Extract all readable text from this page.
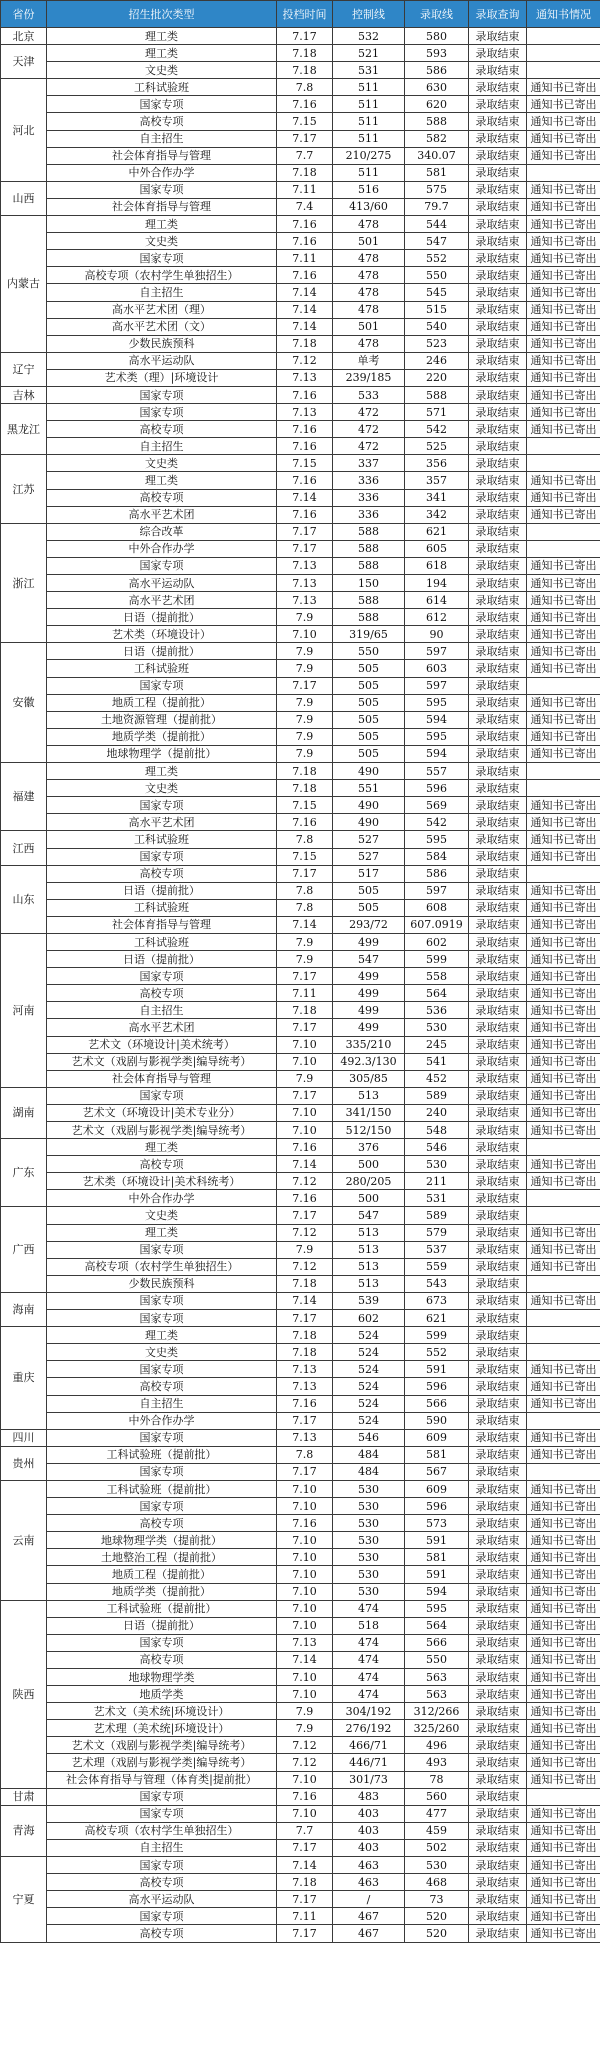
省份	招生批次类型	投档时间	控制线	录取线	录取查询	通知书情况
北京	理工类	7.17	532	580	录取结束	
天津	理工类	7.18	521	593	录取结束	
	文史类	7.18	531	586	录取结束	
河北	工科试验班	7.8	511	630	录取结束	通知书已寄出
	国家专项	7.16	511	620	录取结束	通知书已寄出
	高校专项	7.15	511	588	录取结束	通知书已寄出
	自主招生	7.17	511	582	录取结束	通知书已寄出
	社会体育指导与管理	7.7	210/275	340.07	录取结束	通知书已寄出
	中外合作办学	7.18	511	581	录取结束	
山西	国家专项	7.11	516	575	录取结束	通知书已寄出
	社会体育指导与管理	7.4	413/60	79.7	录取结束	通知书已寄出
内蒙古	理工类	7.16	478	544	录取结束	通知书已寄出
	文史类	7.16	501	547	录取结束	通知书已寄出
	国家专项	7.11	478	552	录取结束	通知书已寄出
	高校专项（农村学生单独招生）	7.16	478	550	录取结束	通知书已寄出
	自主招生	7.14	478	545	录取结束	通知书已寄出
	高水平艺术团（理）	7.14	478	515	录取结束	通知书已寄出
	高水平艺术团（文）	7.14	501	540	录取结束	通知书已寄出
	少数民族预科	7.18	478	523	录取结束	通知书已寄出
辽宁	高水平运动队	7.12	单考	246	录取结束	通知书已寄出
	艺术类（理）|环境设计	7.13	239/185	220	录取结束	通知书已寄出
吉林	国家专项	7.16	533	588	录取结束	通知书已寄出
黑龙江	国家专项	7.13	472	571	录取结束	通知书已寄出
	高校专项	7.16	472	542	录取结束	通知书已寄出
	自主招生	7.16	472	525	录取结束	
江苏	文史类	7.15	337	356	录取结束	
	理工类	7.16	336	357	录取结束	通知书已寄出
	高校专项	7.14	336	341	录取结束	通知书已寄出
	高水平艺术团	7.16	336	342	录取结束	通知书已寄出
浙江	综合改革	7.17	588	621	录取结束	
	中外合作办学	7.17	588	605	录取结束	
	国家专项	7.13	588	618	录取结束	通知书已寄出
	高水平运动队	7.13	150	194	录取结束	通知书已寄出
	高水平艺术团	7.13	588	614	录取结束	通知书已寄出
	日语（提前批）	7.9	588	612	录取结束	通知书已寄出
	艺术类（环境设计）	7.10	319/65	90	录取结束	通知书已寄出
安徽	日语（提前批）	7.9	550	597	录取结束	通知书已寄出
	工科试验班	7.9	505	603	录取结束	通知书已寄出
	国家专项	7.17	505	597	录取结束	
	地质工程（提前批）	7.9	505	595	录取结束	通知书已寄出
	土地资源管理（提前批）	7.9	505	594	录取结束	通知书已寄出
	地质学类（提前批）	7.9	505	595	录取结束	通知书已寄出
	地球物理学（提前批）	7.9	505	594	录取结束	通知书已寄出
福建	理工类	7.18	490	557	录取结束	
	文史类	7.18	551	596	录取结束	
	国家专项	7.15	490	569	录取结束	通知书已寄出
	高水平艺术团	7.16	490	542	录取结束	通知书已寄出
江西	工科试验班	7.8	527	595	录取结束	通知书已寄出
	国家专项	7.15	527	584	录取结束	通知书已寄出
山东	高校专项	7.17	517	586	录取结束	
	日语（提前批）	7.8	505	597	录取结束	通知书已寄出
	工科试验班	7.8	505	608	录取结束	通知书已寄出
	社会体育指导与管理	7.14	293/72	607.0919	录取结束	通知书已寄出
河南	工科试验班	7.9	499	602	录取结束	通知书已寄出
	日语（提前批）	7.9	547	599	录取结束	通知书已寄出
	国家专项	7.17	499	558	录取结束	通知书已寄出
	高校专项	7.11	499	564	录取结束	通知书已寄出
	自主招生	7.18	499	536	录取结束	通知书已寄出
	高水平艺术团	7.17	499	530	录取结束	通知书已寄出
	艺术文（环境设计|美术统考）	7.10	335/210	245	录取结束	通知书已寄出
	艺术文（戏剧与影视学类|编导统考）	7.10	492.3/130	541	录取结束	通知书已寄出
	社会体育指导与管理	7.9	305/85	452	录取结束	通知书已寄出
湖南	国家专项	7.17	513	589	录取结束	通知书已寄出
	艺术文（环境设计|美术专业分）	7.10	341/150	240	录取结束	通知书已寄出
	艺术文（戏剧与影视学类|编导统考）	7.10	512/150	548	录取结束	通知书已寄出
广东	理工类	7.16	376	546	录取结束	
	高校专项	7.14	500	530	录取结束	通知书已寄出
	艺术类（环境设计|美术科统考）	7.12	280/205	211	录取结束	通知书已寄出
	中外合作办学	7.16	500	531	录取结束	
广西	文史类	7.17	547	589	录取结束	
	理工类	7.12	513	579	录取结束	通知书已寄出
	国家专项	7.9	513	537	录取结束	通知书已寄出
	高校专项（农村学生单独招生）	7.12	513	559	录取结束	通知书已寄出
	少数民族预科	7.18	513	543	录取结束	
海南	国家专项	7.14	539	673	录取结束	通知书已寄出
	国家专项	7.17	602	621	录取结束	
重庆	理工类	7.18	524	599	录取结束	
	文史类	7.18	524	552	录取结束	
	国家专项	7.13	524	591	录取结束	通知书已寄出
	高校专项	7.13	524	596	录取结束	通知书已寄出
	自主招生	7.16	524	566	录取结束	通知书已寄出
	中外合作办学	7.17	524	590	录取结束	
四川	国家专项	7.13	546	609	录取结束	通知书已寄出
贵州	工科试验班（提前批）	7.8	484	581	录取结束	通知书已寄出
	国家专项	7.17	484	567	录取结束	
云南	工科试验班（提前批）	7.10	530	609	录取结束	通知书已寄出
	国家专项	7.10	530	596	录取结束	通知书已寄出
	高校专项	7.16	530	573	录取结束	通知书已寄出
	地球物理学类（提前批）	7.10	530	591	录取结束	通知书已寄出
	土地整治工程（提前批）	7.10	530	581	录取结束	通知书已寄出
	地质工程（提前批）	7.10	530	591	录取结束	通知书已寄出
	地质学类（提前批）	7.10	530	594	录取结束	通知书已寄出
陕西	工科试验班（提前批）	7.10	474	595	录取结束	通知书已寄出
	日语（提前批）	7.10	518	564	录取结束	通知书已寄出
	国家专项	7.13	474	566	录取结束	通知书已寄出
	高校专项	7.14	474	550	录取结束	通知书已寄出
	地球物理学类	7.10	474	563	录取结束	通知书已寄出
	地质学类	7.10	474	563	录取结束	通知书已寄出
	艺术文（美术统|环境设计）	7.9	304/192	312/266	录取结束	通知书已寄出
	艺术理（美术统|环境设计）	7.9	276/192	325/260	录取结束	通知书已寄出
	艺术文（戏剧与影视学类|编导统考）	7.12	466/71	496	录取结束	通知书已寄出
	艺术理（戏剧与影视学类|编导统考）	7.12	446/71	493	录取结束	通知书已寄出
	社会体育指导与管理（体育类|提前批）	7.10	301/73	78	录取结束	通知书已寄出
甘肃	国家专项	7.16	483	560	录取结束	
青海	国家专项	7.10	403	477	录取结束	通知书已寄出
	高校专项（农村学生单独招生）	7.7	403	459	录取结束	通知书已寄出
	自主招生	7.17	403	502	录取结束	通知书已寄出
宁夏	国家专项	7.14	463	530	录取结束	通知书已寄出
	高校专项	7.18	463	468	录取结束	通知书已寄出
	高水平运动队	7.17	/	73	录取结束	通知书已寄出
	国家专项	7.11	467	520	录取结束	通知书已寄出
	高校专项	7.17	467	520	录取结束	通知书已寄出
